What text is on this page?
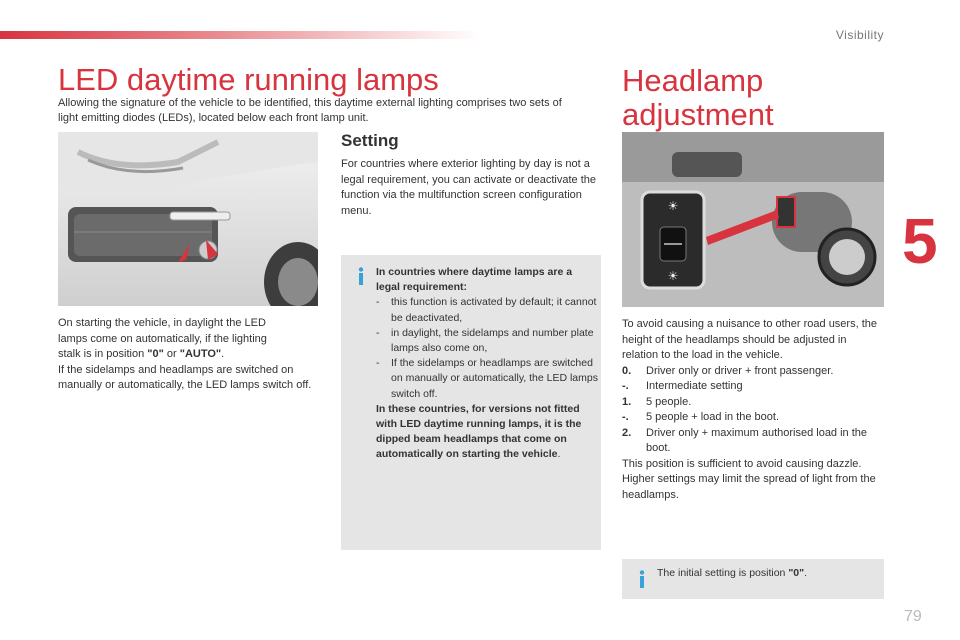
Visibility
5
LED daytime running lamps
Allowing the signature of the vehicle to be identified, this daytime external lighting comprises two sets of light emitting diodes (LEDs), located below each front lamp unit.

On starting the vehicle, in daylight the LED
lamps come on automatically, if the lighting
stalk is in position "0" or "AUTO".

If the sidelamps and headlamps are switched on manually or automatically, the LED lamps switch off.

Setting
For countries where exterior lighting by day is not a legal requirement, you can activate or deactivate the function via the multifunction screen configuration menu.
In countries where daytime lamps are a legal requirement:
-	this function is activated by default; it cannot be deactivated,
-	in daylight, the sidelamps and number plate lamps also come on,
-	If the sidelamps or headlamps are switched on manually or automatically, the LED lamps switch off.
In these countries, for versions not fitted with LED daytime running lamps, it is the dipped beam headlamps that come on automatically on starting the vehicle.
Headlamp
adjustment
☀
☀

To avoid causing a nuisance to other road users, the height of the headlamps should be adjusted in relation to the load in the vehicle.

0.	Driver only or driver + front passenger.
-.	Intermediate setting
1.	5 people.
-.	5 people + load in the boot.
2.	Driver only + maximum authorised load in the boot.

This position is sufficient to avoid causing dazzle.

Higher settings may limit the spread of light from the headlamps.

The initial setting is position "0".
79
